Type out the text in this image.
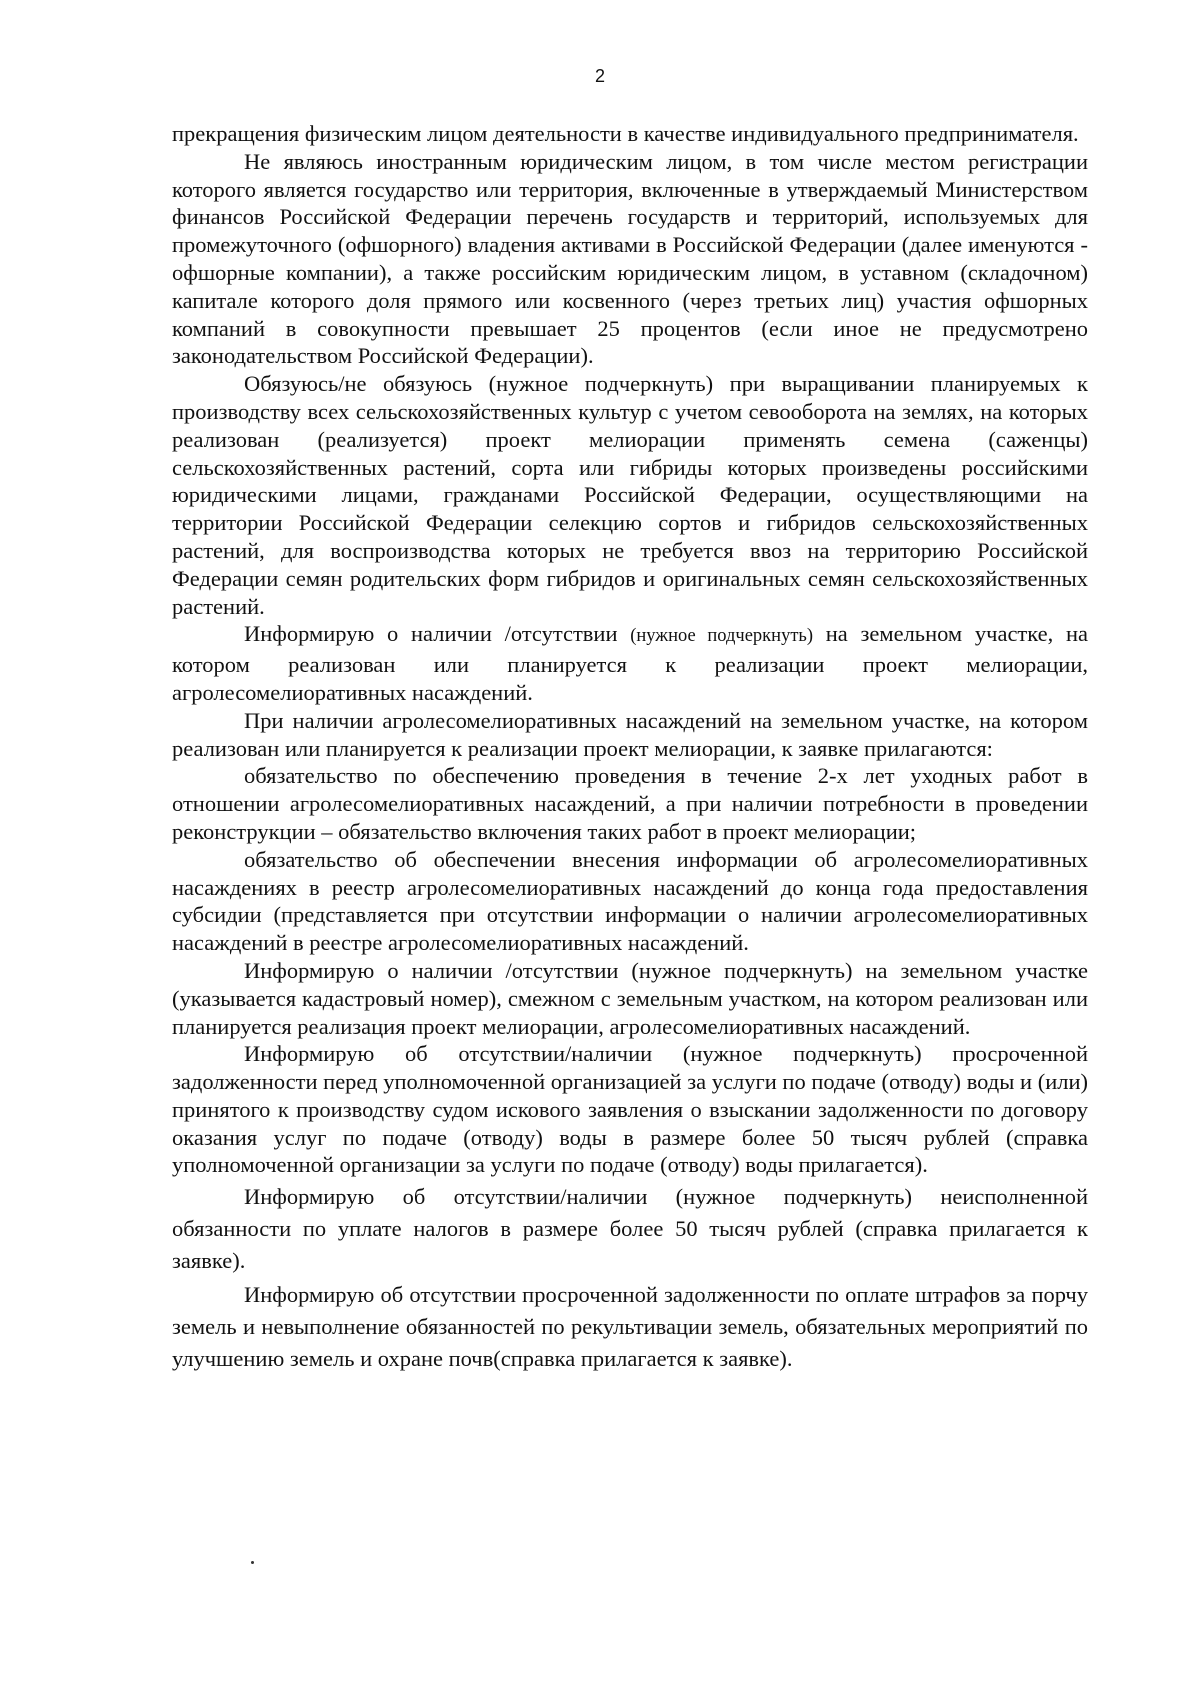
2

прекращения физическим лицом деятельности в качестве индивидуального предпринимателя.

Не являюсь иностранным юридическим лицом, в том числе местом регистрации которого является государство или территория, включенные в утверждаемый Министерством финансов Российской Федерации перечень государств и территорий, используемых для промежуточного (офшорного) владения активами в Российской Федерации (далее именуются - офшорные компании), а также российским юридическим лицом, в уставном (складочном) капитале которого доля прямого или косвенного (через третьих лиц) участия офшорных компаний в совокупности превышает 25 процентов (если иное не предусмотрено законодательством Российской Федерации).

Обязуюсь/не обязуюсь (нужное подчеркнуть) при выращивании планируемых к производству всех сельскохозяйственных культур с учетом севооборота на землях, на которых реализован (реализуется) проект мелиорации применять семена (саженцы) сельскохозяйственных растений, сорта или гибриды которых произведены российскими юридическими лицами, гражданами Российской Федерации, осуществляющими на территории Российской Федерации селекцию сортов и гибридов сельскохозяйственных растений, для воспроизводства которых не требуется ввоз на территорию Российской Федерации семян родительских форм гибридов и оригинальных семян сельскохозяйственных растений.

Информирую о наличии /отсутствии (нужное подчеркнуть) на земельном участке, на котором реализован или планируется к реализации проект мелиорации, агролесомелиоративных насаждений.

При наличии агролесомелиоративных насаждений на земельном участке, на котором реализован или планируется к реализации проект мелиорации, к заявке прилагаются:

обязательство по обеспечению проведения в течение 2-х лет уходных работ в отношении агролесомелиоративных насаждений, а при наличии потребности в проведении реконструкции – обязательство включения таких работ в проект мелиорации;

обязательство об обеспечении внесения информации об агролесомелиоративных насаждениях в реестр агролесомелиоративных насаждений до конца года предоставления субсидии (представляется при отсутствии информации о наличии агролесомелиоративных насаждений в реестре агролесомелиоративных насаждений.

Информирую о наличии /отсутствии (нужное подчеркнуть) на земельном участке (указывается кадастровый номер), смежном с земельным участком, на котором реализован или планируется реализация проект мелиорации, агролесомелиоративных насаждений.

Информирую об отсутствии/наличии (нужное подчеркнуть) просроченной задолженности перед уполномоченной организацией за услуги по подаче (отводу) воды и (или) принятого к производству судом искового заявления о взыскании задолженности по договору оказания услуг по подаче (отводу) воды в размере более 50 тысяч рублей (справка уполномоченной организации за услуги по подаче (отводу) воды прилагается).

Информирую об отсутствии/наличии (нужное подчеркнуть) неисполненной обязанности по уплате налогов в размере более 50 тысяч рублей (справка прилагается к заявке).

Информирую об отсутствии просроченной задолженности по оплате штрафов за порчу земель и невыполнение обязанностей по рекультивации земель, обязательных мероприятий по улучшению земель и охране почв(справка прилагается к заявке).
